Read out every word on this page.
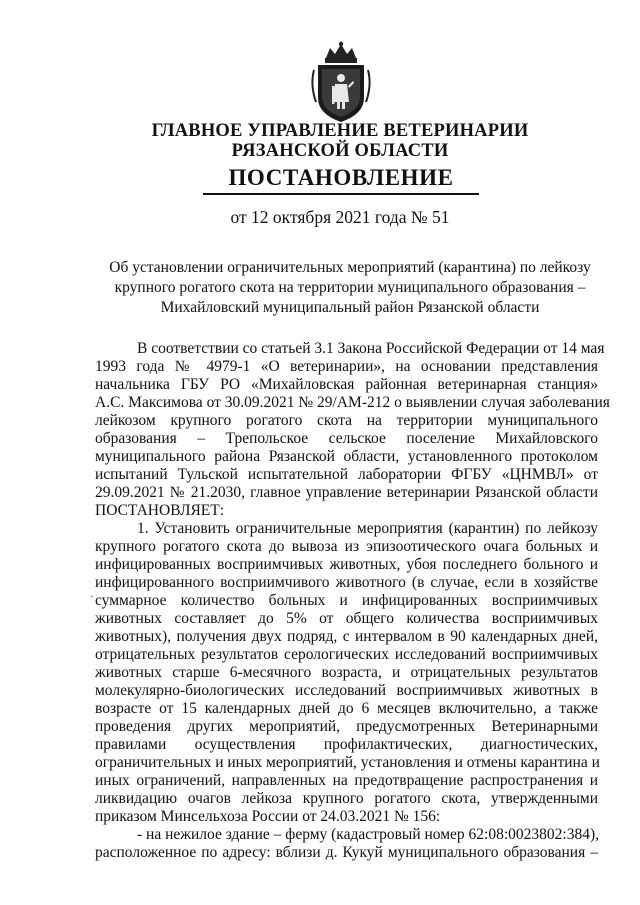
ГЛАВНОЕ УПРАВЛЕНИЕ ВЕТЕРИНАРИИ
РЯЗАНСКОЙ ОБЛАСТИ
ПОСТАНОВЛЕНИЕ
от 12 октября 2021 года № 51
Об установлении ограничительных мероприятий (карантина) по лейкозу
крупного рогатого скота на территории муниципального образования –
Михайловский муниципальный район Рязанской области
В соответствии со статьей 3.1 Закона Российской Федерации от 14 мая
1993 года № 4979-1 «О ветеринарии», на основании представления
начальника ГБУ РО «Михайловская районная ветеринарная станция»
А.С. Максимова от 30.09.2021 № 29/АМ-212 о выявлении случая заболевания
лейкозом крупного рогатого скота на территории муниципального
образования – Трепольское сельское поселение Михайловского
муниципального района Рязанской области, установленного протоколом
испытаний Тульской испытательной лаборатории ФГБУ «ЦНМВЛ» от
29.09.2021 № 21.2030, главное управление ветеринарии Рязанской области
ПОСТАНОВЛЯЕТ:
1. Установить ограничительные мероприятия (карантин) по лейкозу
крупного рогатого скота до вывоза из эпизоотического очага больных и
инфицированных восприимчивых животных, убоя последнего больного и
инфицированного восприимчивого животного (в случае, если в хозяйстве
суммарное количество больных и инфицированных восприимчивых
животных составляет до 5% от общего количества восприимчивых
животных), получения двух подряд, с интервалом в 90 календарных дней,
отрицательных результатов серологических исследований восприимчивых
животных старше 6-месячного возраста, и отрицательных результатов
молекулярно-биологических исследований восприимчивых животных в
возрасте от 15 календарных дней до 6 месяцев включительно, а также
проведения других мероприятий, предусмотренных Ветеринарными
правилами осуществления профилактических, диагностических,
ограничительных и иных мероприятий, установления и отмены карантина и
иных ограничений, направленных на предотвращение распространения и
ликвидацию очагов лейкоза крупного рогатого скота, утвержденными
приказом Минсельхоза России от 24.03.2021 № 156:
- на нежилое здание – ферму (кадастровый номер 62:08:0023802:384),
расположенное по адресу: вблизи д. Кукуй муниципального образования –
·
